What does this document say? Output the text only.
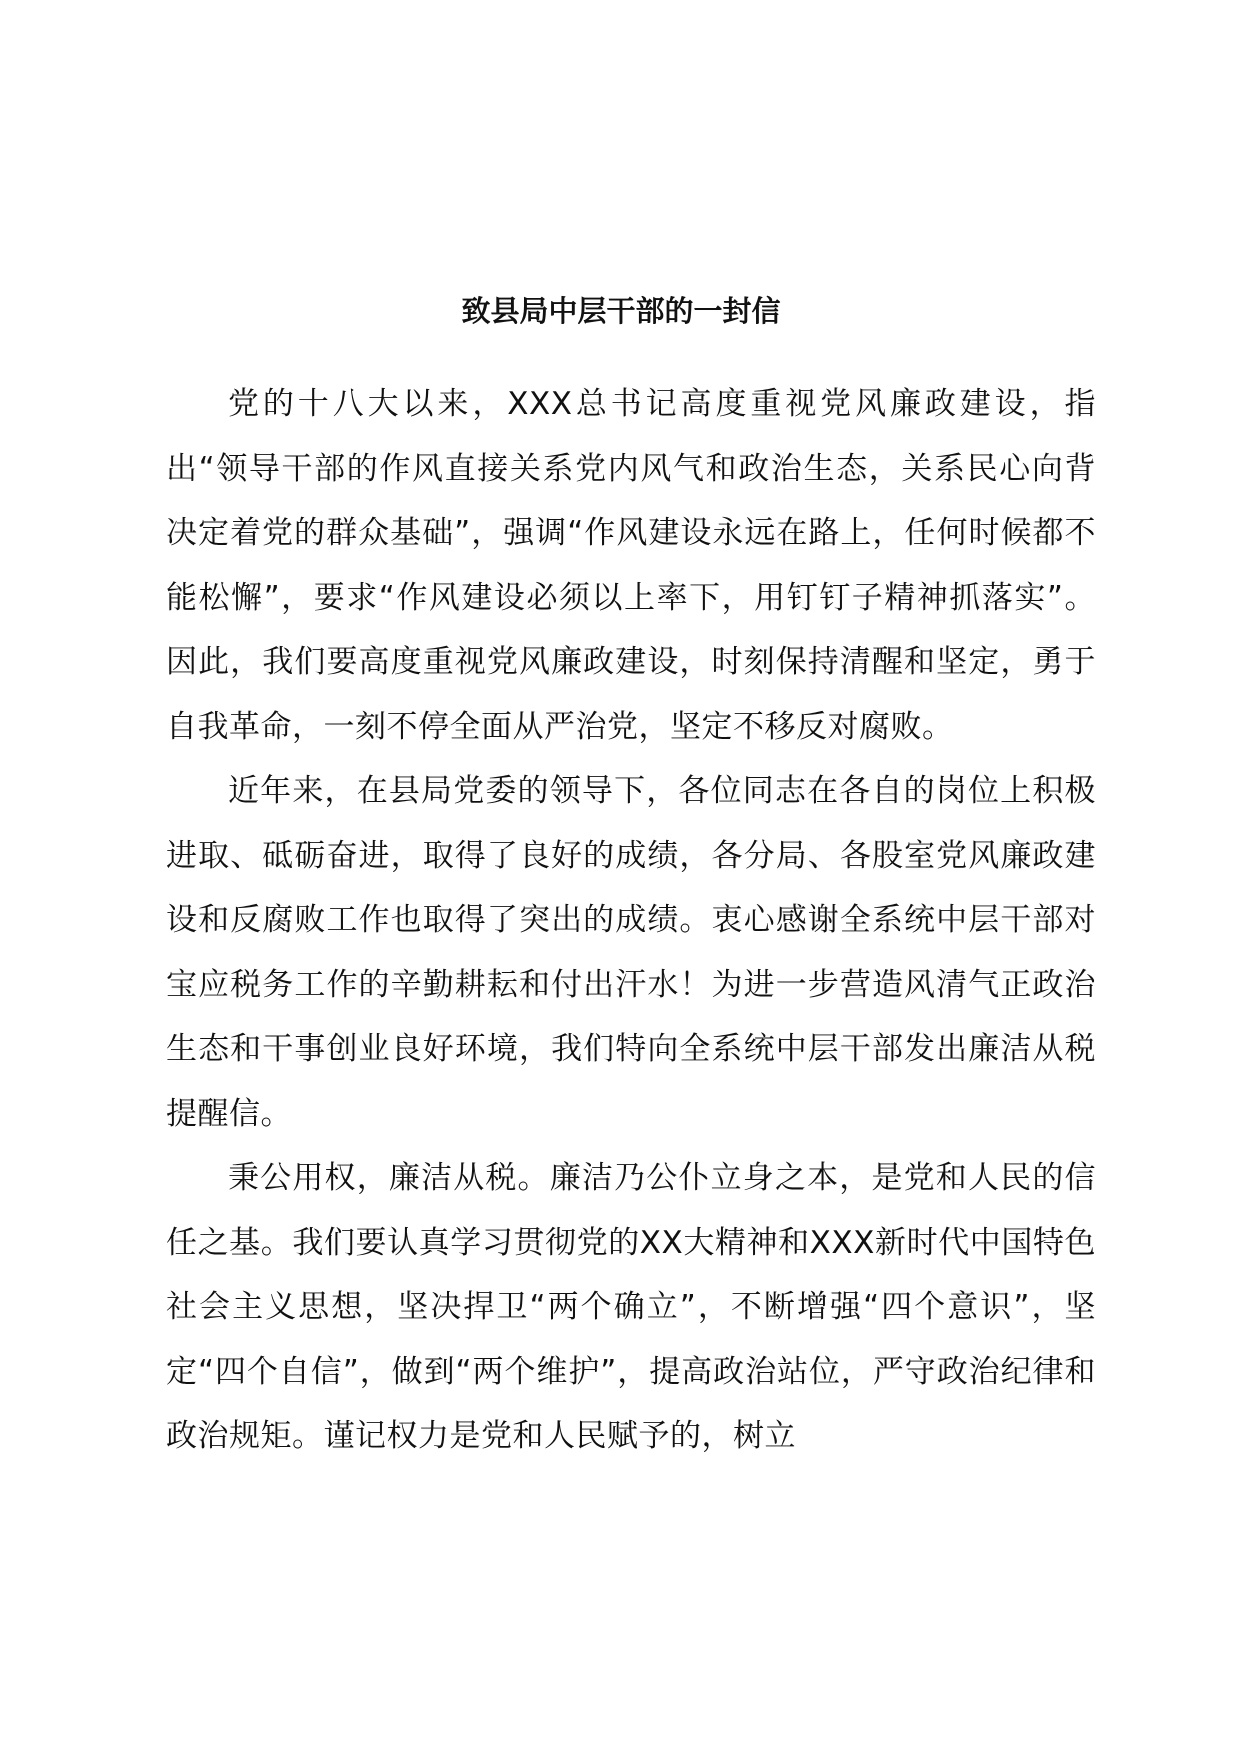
致县局中层干部的一封信

党的十八大以来，XXX总书记高度重视党风廉政建设，指出“领导干部的作风直接关系党内风气和政治生态，关系民心向背决定着党的群众基础”，强调“作风建设永远在路上，任何时候都不能松懈”，要求“作风建设必须以上率下，用钉钉子精神抓落实”。因此，我们要高度重视党风廉政建设，时刻保持清醒和坚定，勇于自我革命，一刻不停全面从严治党，坚定不移反对腐败。

近年来，在县局党委的领导下，各位同志在各自的岗位上积极进取、砥砺奋进，取得了良好的成绩，各分局、各股室党风廉政建设和反腐败工作也取得了突出的成绩。衷心感谢全系统中层干部对宝应税务工作的辛勤耕耘和付出汗水！为进一步营造风清气正政治生态和干事创业良好环境，我们特向全系统中层干部发出廉洁从税提醒信。

秉公用权，廉洁从税。廉洁乃公仆立身之本，是党和人民的信任之基。我们要认真学习贯彻党的XX大精神和XXX新时代中国特色社会主义思想，坚决捍卫“两个确立”，不断增强“四个意识”，坚定“四个自信”，做到“两个维护”，提高政治站位，严守政治纪律和政治规矩。谨记权力是党和人民赋予的，树立
